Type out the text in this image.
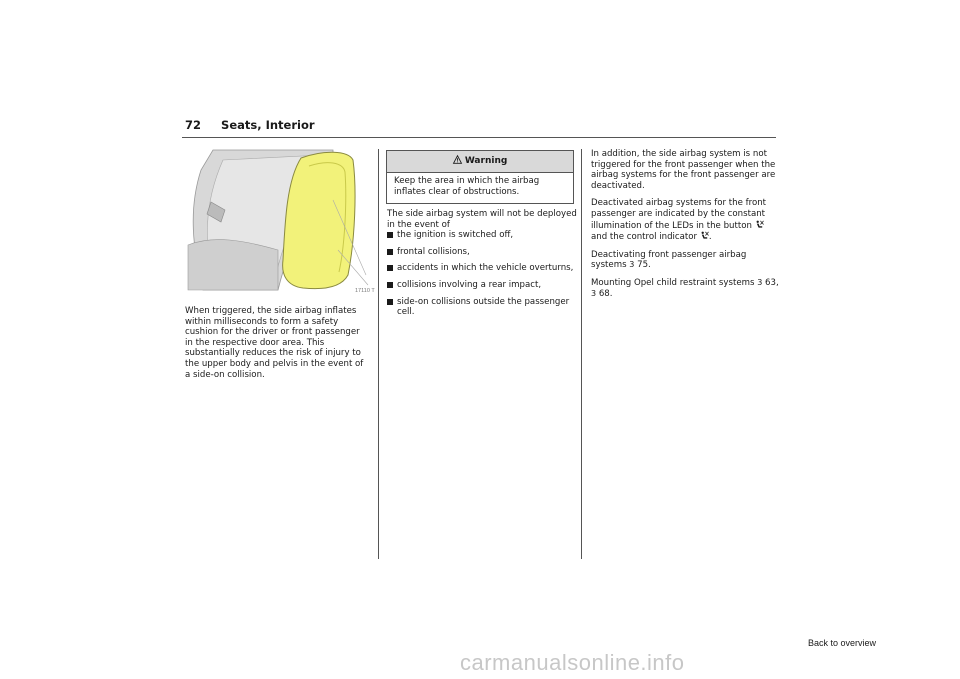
72 Seats, Interior
17110 T

When triggered, the side airbag inflates within milliseconds to form a safety cushion for the driver or front passenger in the respective door area. This substantially reduces the risk of injury to the upper body and pelvis in the event of a side-on collision.

Warning
Keep the area in which the airbag inflates clear of obstructions.
The side airbag system will not be deployed in the event of
the ignition is switched off,
frontal collisions,
accidents in which the vehicle overturns,
collisions involving a rear impact,
side-on collisions outside the passenger cell.

In addition, the side airbag system is not triggered for the front passenger when the airbag systems for the front passenger are deactivated.

Deactivated airbag systems for the front passenger are indicated by the constant illumination of the LEDs in the button  and the control indicator .

Deactivating front passenger airbag systems 3 75.

Mounting Opel child restraint systems 3 63,
3 68.

Back to overview
carmanualsonline.info
